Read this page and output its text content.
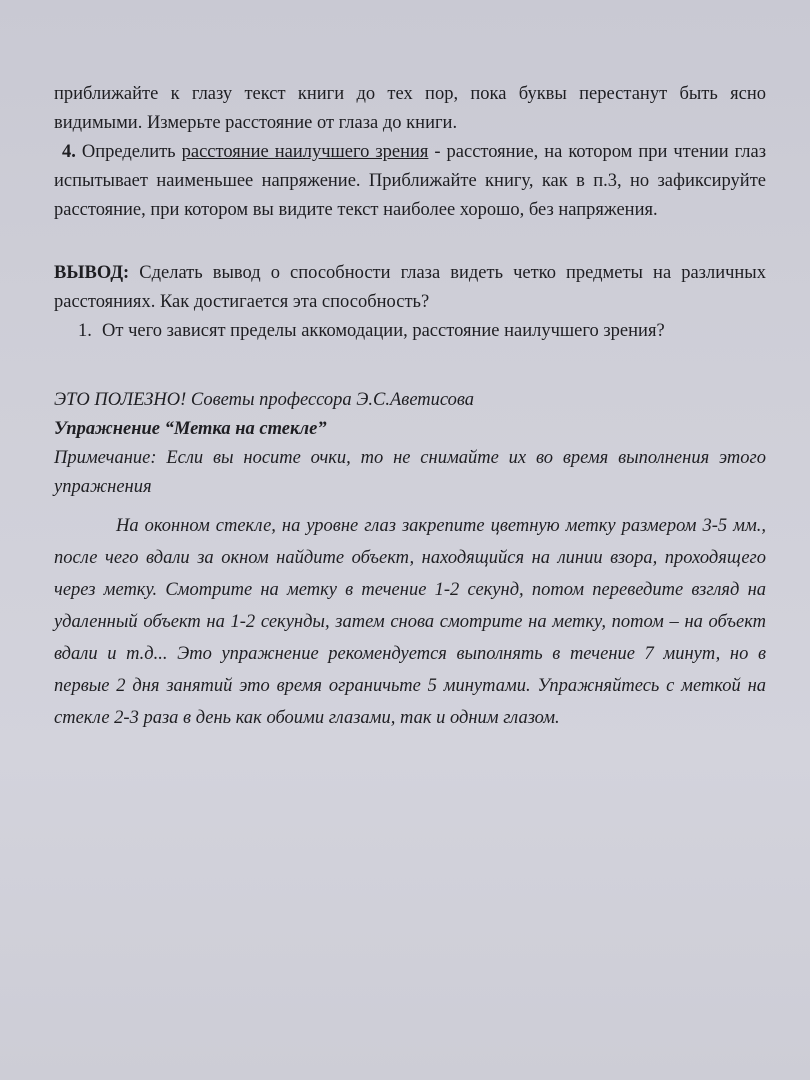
приближайте к глазу текст книги до тех пор, пока буквы перестанут быть ясно видимыми. Измерьте расстояние от глаза до книги.

4. Определить расстояние наилучшего зрения - расстояние, на котором при чтении глаз испытывает наименьшее напряжение. Приближайте книгу, как в п.3, но зафиксируйте расстояние, при котором вы видите текст наиболее хорошо, без напряжения.

ВЫВОД: Сделать вывод о способности глаза видеть четко предметы на различных расстояниях. Как достигается эта способность?

1. От чего зависят пределы аккомодации, расстояние наилучшего зрения?
ЭТО ПОЛЕЗНО! Советы профессора Э.С.Аветисова
Упражнение “Метка на стекле”
Примечание: Если вы носите очки, то не снимайте их во время выполнения этого упражнения
На оконном стекле, на уровне глаз закрепите цветную метку размером 3-5 мм., после чего вдали за окном найдите объект, находящийся на линии взора, проходящего через метку. Смотрите на метку в течение 1-2 секунд, потом переведите взгляд на удаленный объект на 1-2 секунды, затем снова смотрите на метку, потом – на объект вдали и т.д... Это упражнение рекомендуется выполнять в течение 7 минут, но в первые 2 дня занятий это время ограничьте 5 минутами. Упражняйтесь с меткой на стекле 2-3 раза в день как обоими глазами, так и одним глазом.
